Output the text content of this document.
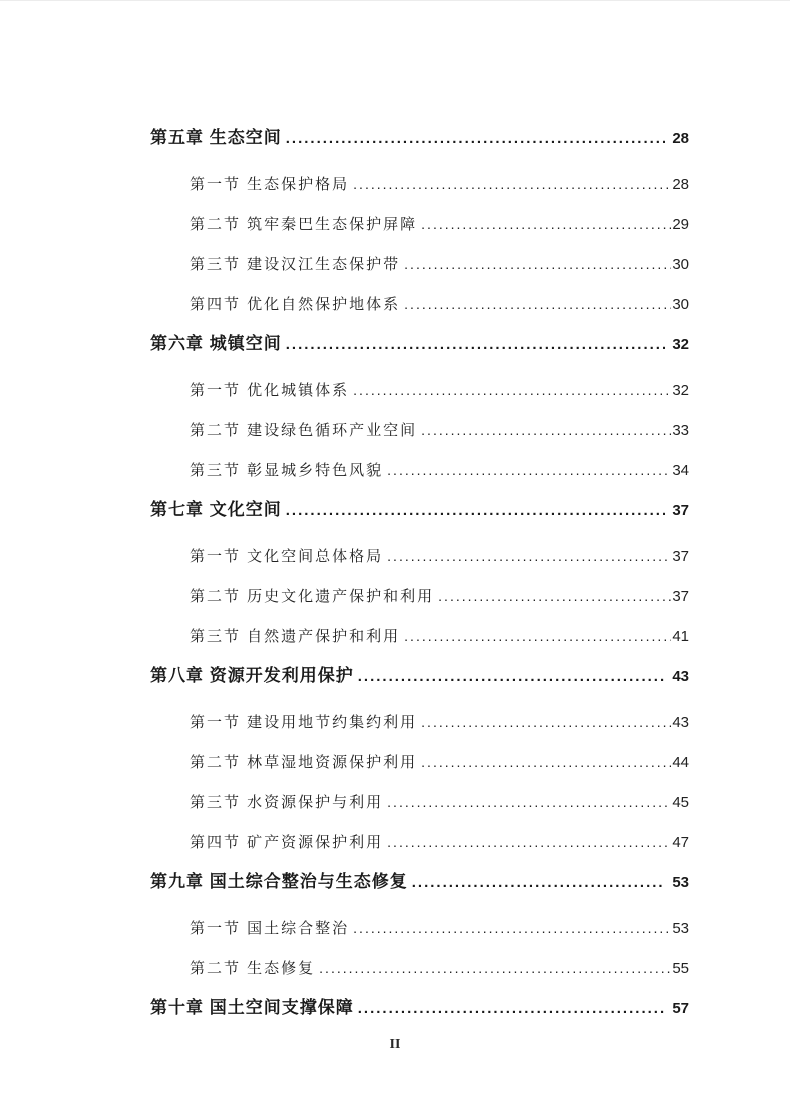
第五章 生态空间 .....	28
第一节 生态保护格局 .....	28
第二节 筑牢秦巴生态保护屏障 .....	29
第三节 建设汉江生态保护带 .....	30
第四节 优化自然保护地体系 .....	30
第六章 城镇空间 .....	32
第一节 优化城镇体系 .....	32
第二节 建设绿色循环产业空间 .....	33
第三节 彰显城乡特色风貌 .....	34
第七章 文化空间 .....	37
第一节 文化空间总体格局 .....	37
第二节 历史文化遗产保护和利用 .....	37
第三节 自然遗产保护和利用 .....	41
第八章 资源开发利用保护 .....	43
第一节 建设用地节约集约利用 .....	43
第二节 林草湿地资源保护利用 .....	44
第三节 水资源保护与利用 .....	45
第四节 矿产资源保护利用 .....	47
第九章 国土综合整治与生态修复 .....	53
第一节 国土综合整治 .....	53
第二节 生态修复 .....	55
第十章 国土空间支撑保障 .....	57
II
